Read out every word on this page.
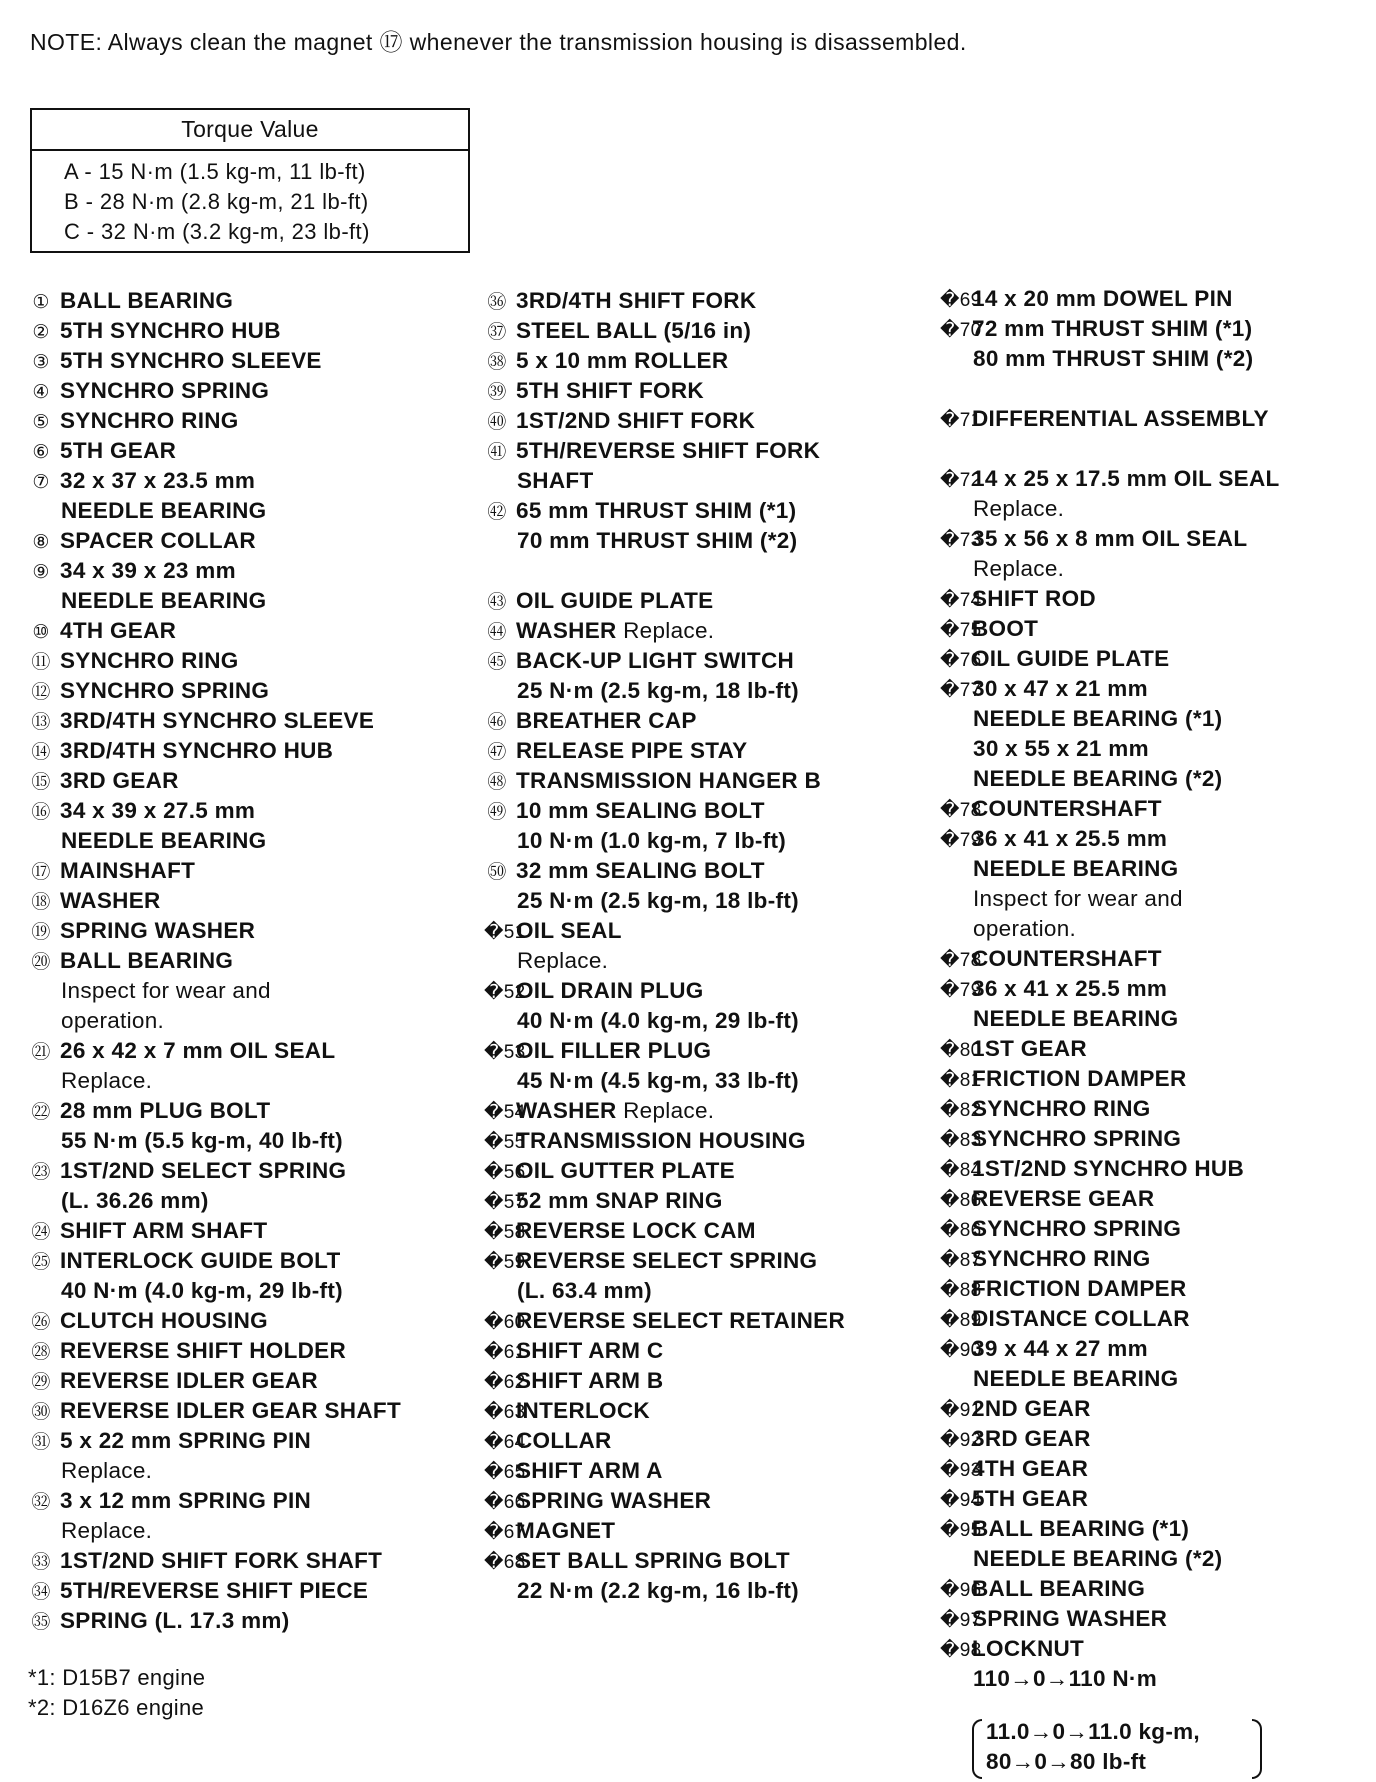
NOTE: Always clean the magnet ⑰ whenever the transmission housing is disassembled.
Torque Value
A - 15 N·m (1.5 kg-m, 11 lb-ft)
B - 28 N·m (2.8 kg-m, 21 lb-ft)
C - 32 N·m (3.2 kg-m, 23 lb-ft)
① BALL BEARING
② 5TH SYNCHRO HUB
③ 5TH SYNCHRO SLEEVE
④ SYNCHRO SPRING
⑤ SYNCHRO RING
⑥ 5TH GEAR
⑦ 32 x 37 x 23.5 mm
NEEDLE BEARING
⑧ SPACER COLLAR
⑨ 34 x 39 x 23 mm
NEEDLE BEARING
⑩ 4TH GEAR
⑪ SYNCHRO RING
⑫ SYNCHRO SPRING
⑬ 3RD/4TH SYNCHRO SLEEVE
⑭ 3RD/4TH SYNCHRO HUB
⑮ 3RD GEAR
⑯ 34 x 39 x 27.5 mm
NEEDLE BEARING
⑰ MAINSHAFT
⑱ WASHER
⑲ SPRING WASHER
⑳ BALL BEARING
Inspect for wear and
operation.
㉑ 26 x 42 x 7 mm OIL SEAL
Replace.
㉒ 28 mm PLUG BOLT
55 N·m (5.5 kg-m, 40 lb-ft)
㉓ 1ST/2ND SELECT SPRING
(L. 36.26 mm)
㉔ SHIFT ARM SHAFT
㉕ INTERLOCK GUIDE BOLT
40 N·m (4.0 kg-m, 29 lb-ft)
㉖ CLUTCH HOUSING
㉘ REVERSE SHIFT HOLDER
㉙ REVERSE IDLER GEAR
㉚ REVERSE IDLER GEAR SHAFT
㉛ 5 x 22 mm SPRING PIN
Replace.
㉜ 3 x 12 mm SPRING PIN
Replace.
㉝ 1ST/2ND SHIFT FORK SHAFT
㉞ 5TH/REVERSE SHIFT PIECE
㉟ SPRING (L. 17.3 mm)
㊱ 3RD/4TH SHIFT FORK
㊲ STEEL BALL (5/16 in)
㊳ 5 x 10 mm ROLLER
㊴ 5TH SHIFT FORK
㊵ 1ST/2ND SHIFT FORK
㊶ 5TH/REVERSE SHIFT FORK
SHAFT
㊷ 65 mm THRUST SHIM (*1)
70 mm THRUST SHIM (*2)
㊸ OIL GUIDE PLATE
㊹ WASHER Replace.
㊺ BACK-UP LIGHT SWITCH
25 N·m (2.5 kg-m, 18 lb-ft)
㊻ BREATHER CAP
㊼ RELEASE PIPE STAY
㊽ TRANSMISSION HANGER B
㊾ 10 mm SEALING BOLT
10 N·m (1.0 kg-m, 7 lb-ft)
㊿ 32 mm SEALING BOLT
25 N·m (2.5 kg-m, 18 lb-ft)
�51OIL SEAL
Replace.
�52OIL DRAIN PLUG
40 N·m (4.0 kg-m, 29 lb-ft)
�53OIL FILLER PLUG
45 N·m (4.5 kg-m, 33 lb-ft)
�54WASHER Replace.
�55TRANSMISSION HOUSING
�56OIL GUTTER PLATE
�5752 mm SNAP RING
�58REVERSE LOCK CAM
�59REVERSE SELECT SPRING
(L. 63.4 mm)
�60REVERSE SELECT RETAINER
�61SHIFT ARM C
�62SHIFT ARM B
�63INTERLOCK
�64COLLAR
�65SHIFT ARM A
�66SPRING WASHER
�67MAGNET
�68SET BALL SPRING BOLT
22 N·m (2.2 kg-m, 16 lb-ft)
�6914 x 20 mm DOWEL PIN
�7072 mm THRUST SHIM (*1)
80 mm THRUST SHIM (*2)
�71DIFFERENTIAL ASSEMBLY
�7214 x 25 x 17.5 mm OIL SEAL
Replace.
�7335 x 56 x 8 mm OIL SEAL
Replace.
�74SHIFT ROD
�75BOOT
�76OIL GUIDE PLATE
�7730 x 47 x 21 mm
NEEDLE BEARING (*1)
30 x 55 x 21 mm
NEEDLE BEARING (*2)
�78COUNTERSHAFT
�7936 x 41 x 25.5 mm
NEEDLE BEARING
Inspect for wear and
operation.
�78COUNTERSHAFT
�7936 x 41 x 25.5 mm
NEEDLE BEARING
�801ST GEAR
�81FRICTION DAMPER
�82SYNCHRO RING
�83SYNCHRO SPRING
�841ST/2ND SYNCHRO HUB
�86REVERSE GEAR
�86SYNCHRO SPRING
�87SYNCHRO RING
�88FRICTION DAMPER
�89DISTANCE COLLAR
�9039 x 44 x 27 mm
NEEDLE BEARING
�912ND GEAR
�923RD GEAR
�934TH GEAR
�945TH GEAR
�95BALL BEARING (*1)
NEEDLE BEARING (*2)
�96BALL BEARING
�97SPRING WASHER
�98LOCKNUT
110→0→110 N·m
11.0→0→11.0 kg-m,
80→0→80 lb-ft
*1: D15B7 engine
*2: D16Z6 engine
